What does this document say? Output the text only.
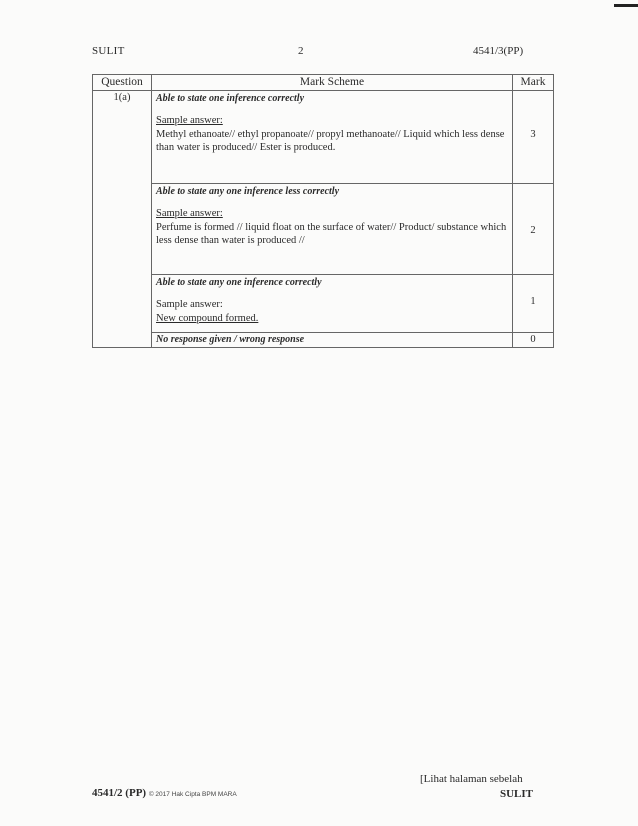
SULIT	2	4541/3(PP)
Question	Mark Scheme	Mark
1(a)	Able to state one inference correctly
Sample answer:
Methyl ethanoate// ethyl propanoate// propyl methanoate// Liquid which less dense than water is produced// Ester is produced.	3

	Able to state any one inference less correctly
Sample answer:
Perfume is formed // liquid float on the surface of water// Product/ substance which less dense than water is produced //	2

	Able to state any one inference correctly
Sample answer:
New compound formed.	1

	No response given / wrong response	0
4541/2 (PP) © 2017 Hak Cipta BPM MARA
[Lihat halaman sebelah
SULIT
